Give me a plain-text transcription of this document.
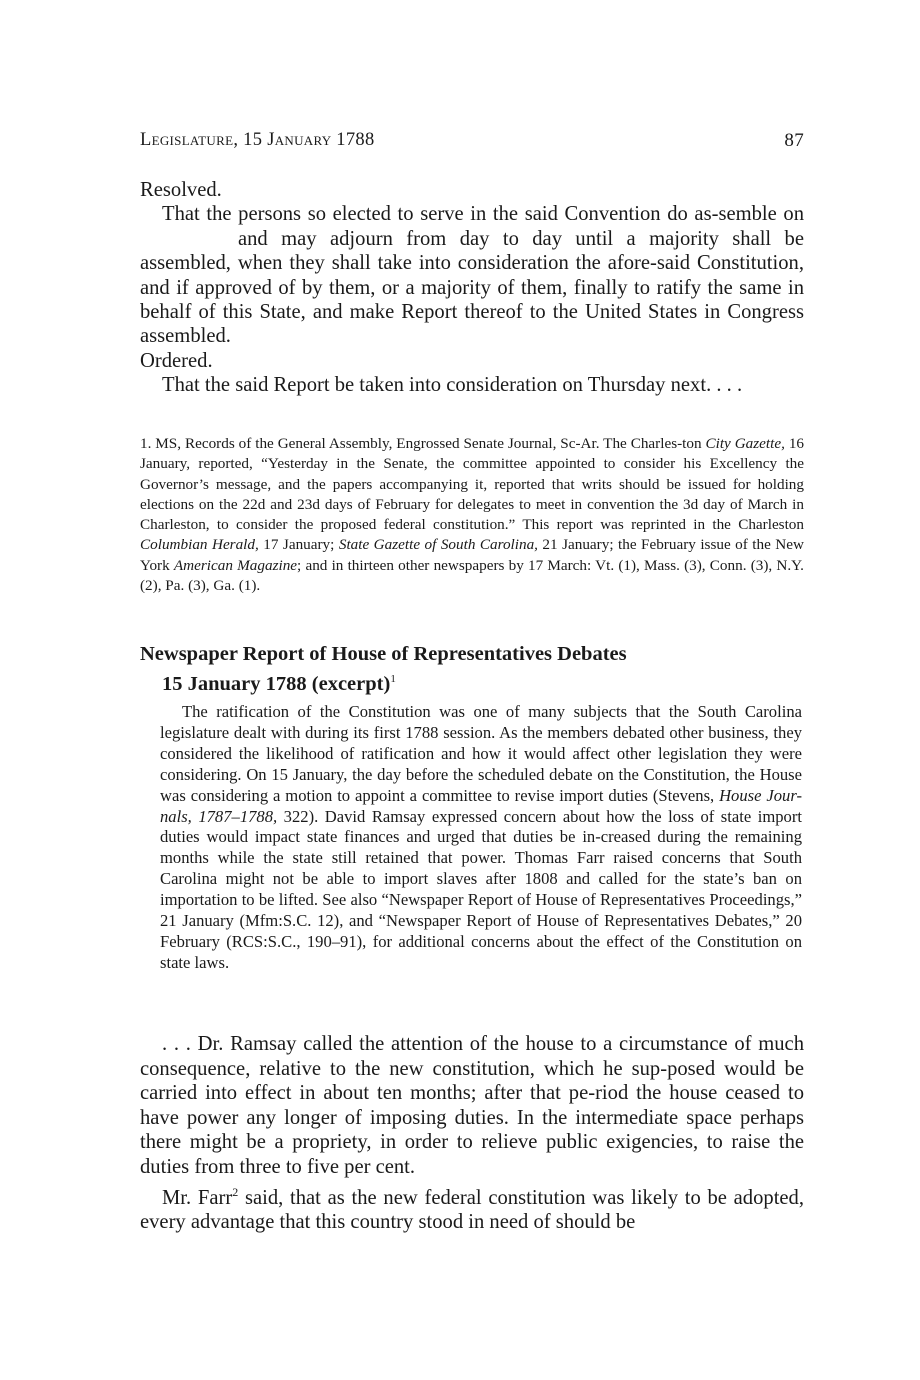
Legislature, 15 January 1788	87

Resolved.

That the persons so elected to serve in the said Convention do as-semble onand may adjourn from day to day until a majority shall be assembled, when they shall take into consideration the afore-said Constitution, and if approved of by them, or a majority of them, finally to ratify the same in behalf of this State, and make Report thereof to the United States in Congress assembled.

Ordered.

That the said Report be taken into consideration on Thursday next. . . .

1. MS, Records of the General Assembly, Engrossed Senate Journal, Sc-Ar. The Charles-ton City Gazette, 16 January, reported, “Yesterday in the Senate, the committee appointed to consider his Excellency the Governor’s message, and the papers accompanying it, reported that writs should be issued for holding elections on the 22d and 23d days of February for delegates to meet in convention the 3d day of March in Charleston, to consider the proposed federal constitution.” This report was reprinted in the Charleston Columbian Herald, 17 January; State Gazette of South Carolina, 21 January; the February issue of the New York American Magazine; and in thirteen other newspapers by 17 March: Vt. (1), Mass. (3), Conn. (3), N.Y. (2), Pa. (3), Ga. (1).
Newspaper Report of House of Representatives Debates
15 January 1788 (excerpt)$^1$
The ratification of the Constitution was one of many subjects that the South Carolina legislature dealt with during its first 1788 session. As the members debated other business, they considered the likelihood of ratification and how it would affect other legislation they were considering. On 15 January, the day before the scheduled debate on the Constitution, the House was considering a motion to appoint a committee to revise import duties (Stevens, House Jour-nals, 1787–1788, 322). David Ramsay expressed concern about how the loss of state import duties would impact state finances and urged that duties be in-creased during the remaining months while the state still retained that power. Thomas Farr raised concerns that South Carolina might not be able to import slaves after 1808 and called for the state’s ban on importation to be lifted. See also “Newspaper Report of House of Representatives Proceedings,” 21 January (Mfm:S.C. 12), and “Newspaper Report of House of Representatives Debates,” 20 February (RCS:S.C., 190–91), for additional concerns about the effect of the Constitution on state laws.

. . . Dr. Ramsay called the attention of the house to a circumstance of much consequence, relative to the new constitution, which he sup-posed would be carried into effect in about ten months; after that pe-riod the house ceased to have power any longer of imposing duties. In the intermediate space perhaps there might be a propriety, in order to relieve public exigencies, to raise the duties from three to five per cent.

Mr. Farr$^2$ said, that as the new federal constitution was likely to be adopted, every advantage that this country stood in need of should be
